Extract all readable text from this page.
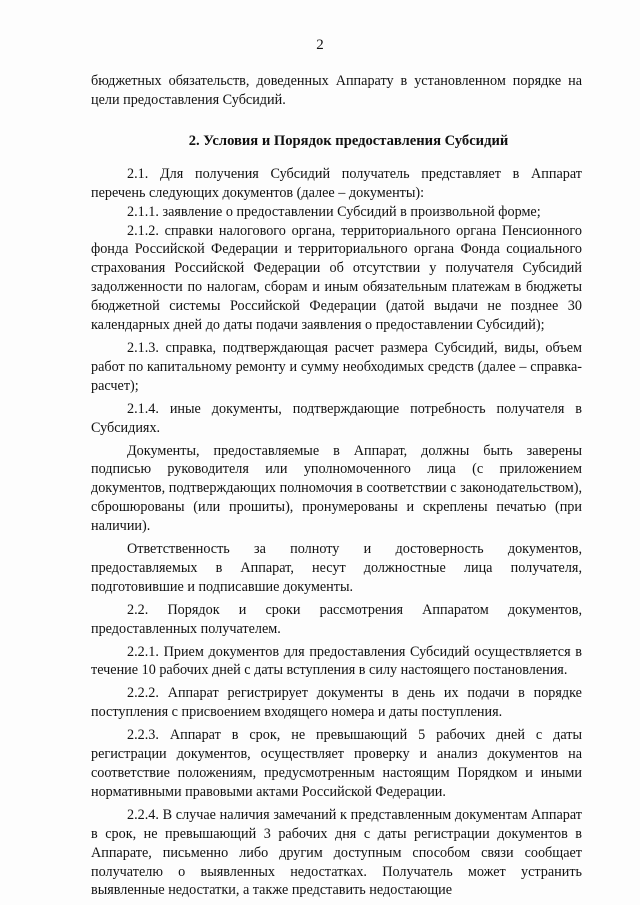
2

бюджетных обязательств, доведенных Аппарату в установленном порядке на цели предоставления Субсидий.

2. Условия и Порядок предоставления Субсидий

2.1. Для получения Субсидий получатель представляет в Аппарат перечень следующих документов (далее – документы):

2.1.1. заявление о предоставлении Субсидий в произвольной форме;

2.1.2. справки налогового органа, территориального органа Пенсионного фонда Российской Федерации и территориального органа Фонда социального страхования Российской Федерации об отсутствии у получателя Субсидий задолженности по налогам, сборам и иным обязательным платежам в бюджеты бюджетной системы Российской Федерации (датой выдачи не позднее 30 календарных дней до даты подачи заявления о предоставлении Субсидий);

2.1.3. справка, подтверждающая расчет размера Субсидий, виды, объем работ по капитальному ремонту и сумму необходимых средств (далее – справка-расчет);

2.1.4. иные документы, подтверждающие потребность получателя в Субсидиях.

Документы, предоставляемые в Аппарат, должны быть заверены подписью руководителя или уполномоченного лица (с приложением документов, подтверждающих полномочия в соответствии с законодательством), сброшюрованы (или прошиты), пронумерованы и скреплены печатью (при наличии).

Ответственность за полноту и достоверность документов, предоставляемых в Аппарат, несут должностные лица получателя, подготовившие и подписавшие документы.

2.2. Порядок и сроки рассмотрения Аппаратом документов, предоставленных получателем.

2.2.1. Прием документов для предоставления Субсидий осуществляется в течение 10 рабочих дней с даты вступления в силу настоящего постановления.

2.2.2. Аппарат регистрирует документы в день их подачи в порядке поступления с присвоением входящего номера и даты поступления.

2.2.3. Аппарат в срок, не превышающий 5 рабочих дней с даты регистрации документов, осуществляет проверку и анализ документов на соответствие положениям, предусмотренным настоящим Порядком и иными нормативными правовыми актами Российской Федерации.

2.2.4. В случае наличия замечаний к представленным документам Аппарат в срок, не превышающий 3 рабочих дня с даты регистрации документов в Аппарате, письменно либо другим доступным способом связи сообщает получателю о выявленных недостатках. Получатель может устранить выявленные недостатки, а также представить недостающие
